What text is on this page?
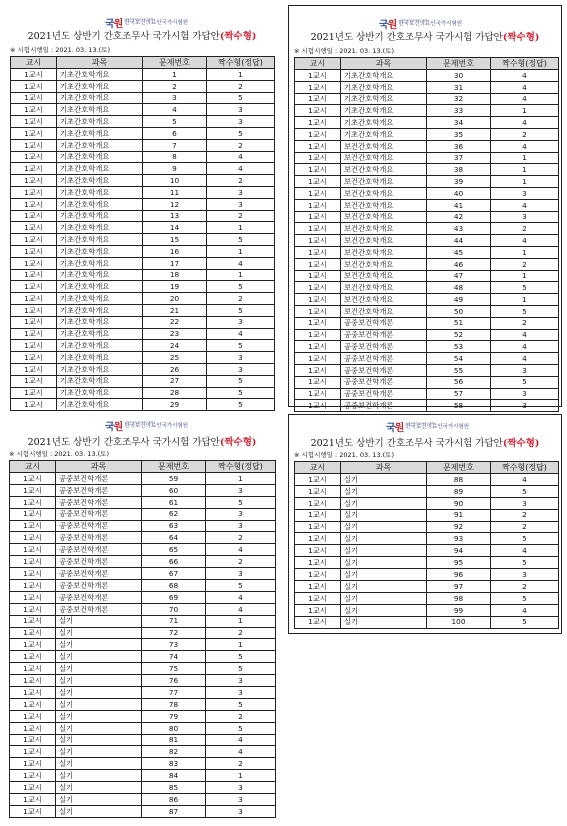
국원 국가보건의료인국가시험원
한국보건의료인국가시험원
2021년도 상반기 간호조무사 국가시험 가답안(짝수형)
※ 시험시행일 : 2021. 03. 13.(토)
교시	과목	문제번호	짝수형(정답)
1교시	기초간호학개요	1	1
1교시	기초간호학개요	2	2
1교시	기초간호학개요	3	5
1교시	기초간호학개요	4	3
1교시	기초간호학개요	5	3
1교시	기초간호학개요	6	5
1교시	기초간호학개요	7	2
1교시	기초간호학개요	8	4
1교시	기초간호학개요	9	4
1교시	기초간호학개요	10	2
1교시	기초간호학개요	11	3
1교시	기초간호학개요	12	3
1교시	기초간호학개요	13	2
1교시	기초간호학개요	14	1
1교시	기초간호학개요	15	5
1교시	기초간호학개요	16	1
1교시	기초간호학개요	17	4
1교시	기초간호학개요	18	1
1교시	기초간호학개요	19	5
1교시	기초간호학개요	20	2
1교시	기초간호학개요	21	5
1교시	기초간호학개요	22	3
1교시	기초간호학개요	23	4
1교시	기초간호학개요	24	5
1교시	기초간호학개요	25	3
1교시	기초간호학개요	26	3
1교시	기초간호학개요	27	5
1교시	기초간호학개요	28	5
1교시	기초간호학개요	29	5
국원 국가보건의료인국가시험원
한국보건의료인국가시험원
2021년도 상반기 간호조무사 국가시험 가답안(짝수형)
※ 시험시행일 : 2021. 03. 13.(토)
교시	과목	문제번호	짝수형(정답)
1교시	기초간호학개요	30	4
1교시	기초간호학개요	31	4
1교시	기초간호학개요	32	4
1교시	기초간호학개요	33	1
1교시	기초간호학개요	34	4
1교시	기초간호학개요	35	2
1교시	보건간호학개요	36	4
1교시	보건간호학개요	37	1
1교시	보건간호학개요	38	1
1교시	보건간호학개요	39	1
1교시	보건간호학개요	40	3
1교시	보건간호학개요	41	4
1교시	보건간호학개요	42	3
1교시	보건간호학개요	43	2
1교시	보건간호학개요	44	4
1교시	보건간호학개요	45	1
1교시	보건간호학개요	46	2
1교시	보건간호학개요	47	1
1교시	보건간호학개요	48	5
1교시	보건간호학개요	49	1
1교시	보건간호학개요	50	5
1교시	공중보건학개론	51	2
1교시	공중보건학개론	52	4
1교시	공중보건학개론	53	4
1교시	공중보건학개론	54	4
1교시	공중보건학개론	55	3
1교시	공중보건학개론	56	5
1교시	공중보건학개론	57	3
1교시	공중보건학개론	58	3
국원 국가보건의료인국가시험원
한국보건의료인국가시험원
2021년도 상반기 간호조무사 국가시험 가답안(짝수형)
※ 시험시행일 : 2021. 03. 13.(토)
교시	과목	문제번호	짝수형(정답)
1교시	공중보건학개론	59	1
1교시	공중보건학개론	60	3
1교시	공중보건학개론	61	5
1교시	공중보건학개론	62	3
1교시	공중보건학개론	63	3
1교시	공중보건학개론	64	2
1교시	공중보건학개론	65	4
1교시	공중보건학개론	66	2
1교시	공중보건학개론	67	3
1교시	공중보건학개론	68	5
1교시	공중보건학개론	69	4
1교시	공중보건학개론	70	4
1교시	실기	71	1
1교시	실기	72	2
1교시	실기	73	1
1교시	실기	74	5
1교시	실기	75	5
1교시	실기	76	3
1교시	실기	77	3
1교시	실기	78	5
1교시	실기	79	2
1교시	실기	80	5
1교시	실기	81	4
1교시	실기	82	4
1교시	실기	83	2
1교시	실기	84	1
1교시	실기	85	3
1교시	실기	86	3
1교시	실기	87	3
국원 국가보건의료인국가시험원
한국보건의료인국가시험원
2021년도 상반기 간호조무사 국가시험 가답안(짝수형)
※ 시험시행일 : 2021. 03. 13.(토)
교시	과목	문제번호	짝수형(정답)
1교시	실기	88	4
1교시	실기	89	5
1교시	실기	90	3
1교시	실기	91	2
1교시	실기	92	2
1교시	실기	93	5
1교시	실기	94	4
1교시	실기	95	5
1교시	실기	96	3
1교시	실기	97	2
1교시	실기	98	5
1교시	실기	99	4
1교시	실기	100	5
